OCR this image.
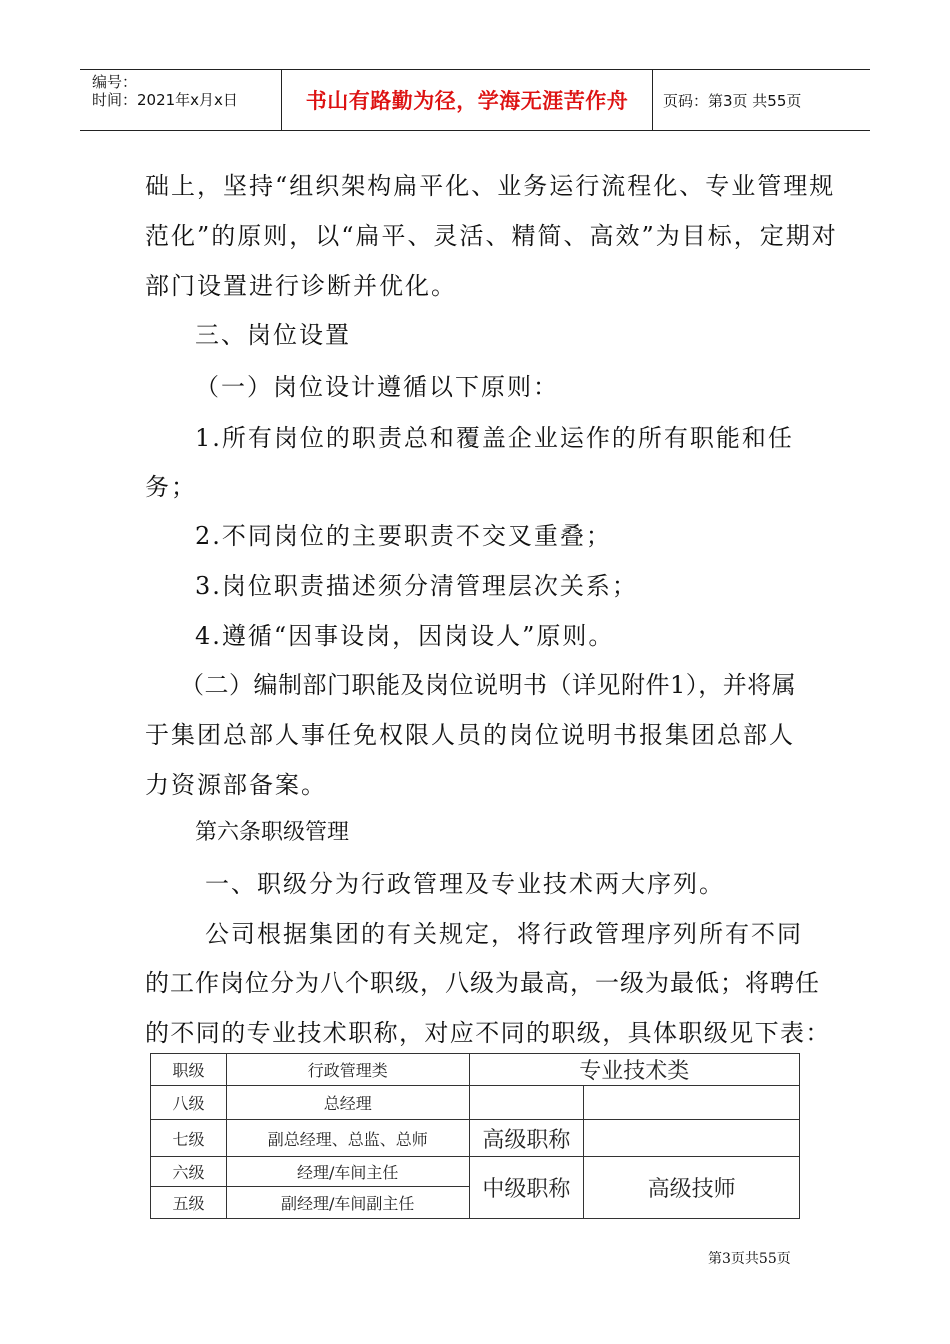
编号：
时间：2021年x月x日	书山有路勤为径，学海无涯苦作舟	页码：第3页 共55页
础上，坚持“组织架构扁平化、业务运行流程化、专业管理规
范化”的原则，以“扁平、灵活、精简、高效”为目标，定期对
部门设置进行诊断并优化。
三、岗位设置
（一）岗位设计遵循以下原则：
1.所有岗位的职责总和覆盖企业运作的所有职能和任
务；
2.不同岗位的主要职责不交叉重叠；
3.岗位职责描述须分清管理层次关系；
4.遵循“因事设岗，因岗设人”原则。
（二）编制部门职能及岗位说明书（详见附件1），并将属
于集团总部人事任免权限人员的岗位说明书报集团总部人
力资源部备案。
第六条职级管理
一、职级分为行政管理及专业技术两大序列。
公司根据集团的有关规定，将行政管理序列所有不同
的工作岗位分为八个职级，八级为最高，一级为最低；将聘任
的不同的专业技术职称，对应不同的职级，具体职级见下表：
职级	行政管理类	专业技术类	
八级	总经理		
七级	副总经理、总监、总师	高级职称	
六级	经理/车间主任	中级职称	高级技师
五级	副经理/车间副主任		
第3页共55页
